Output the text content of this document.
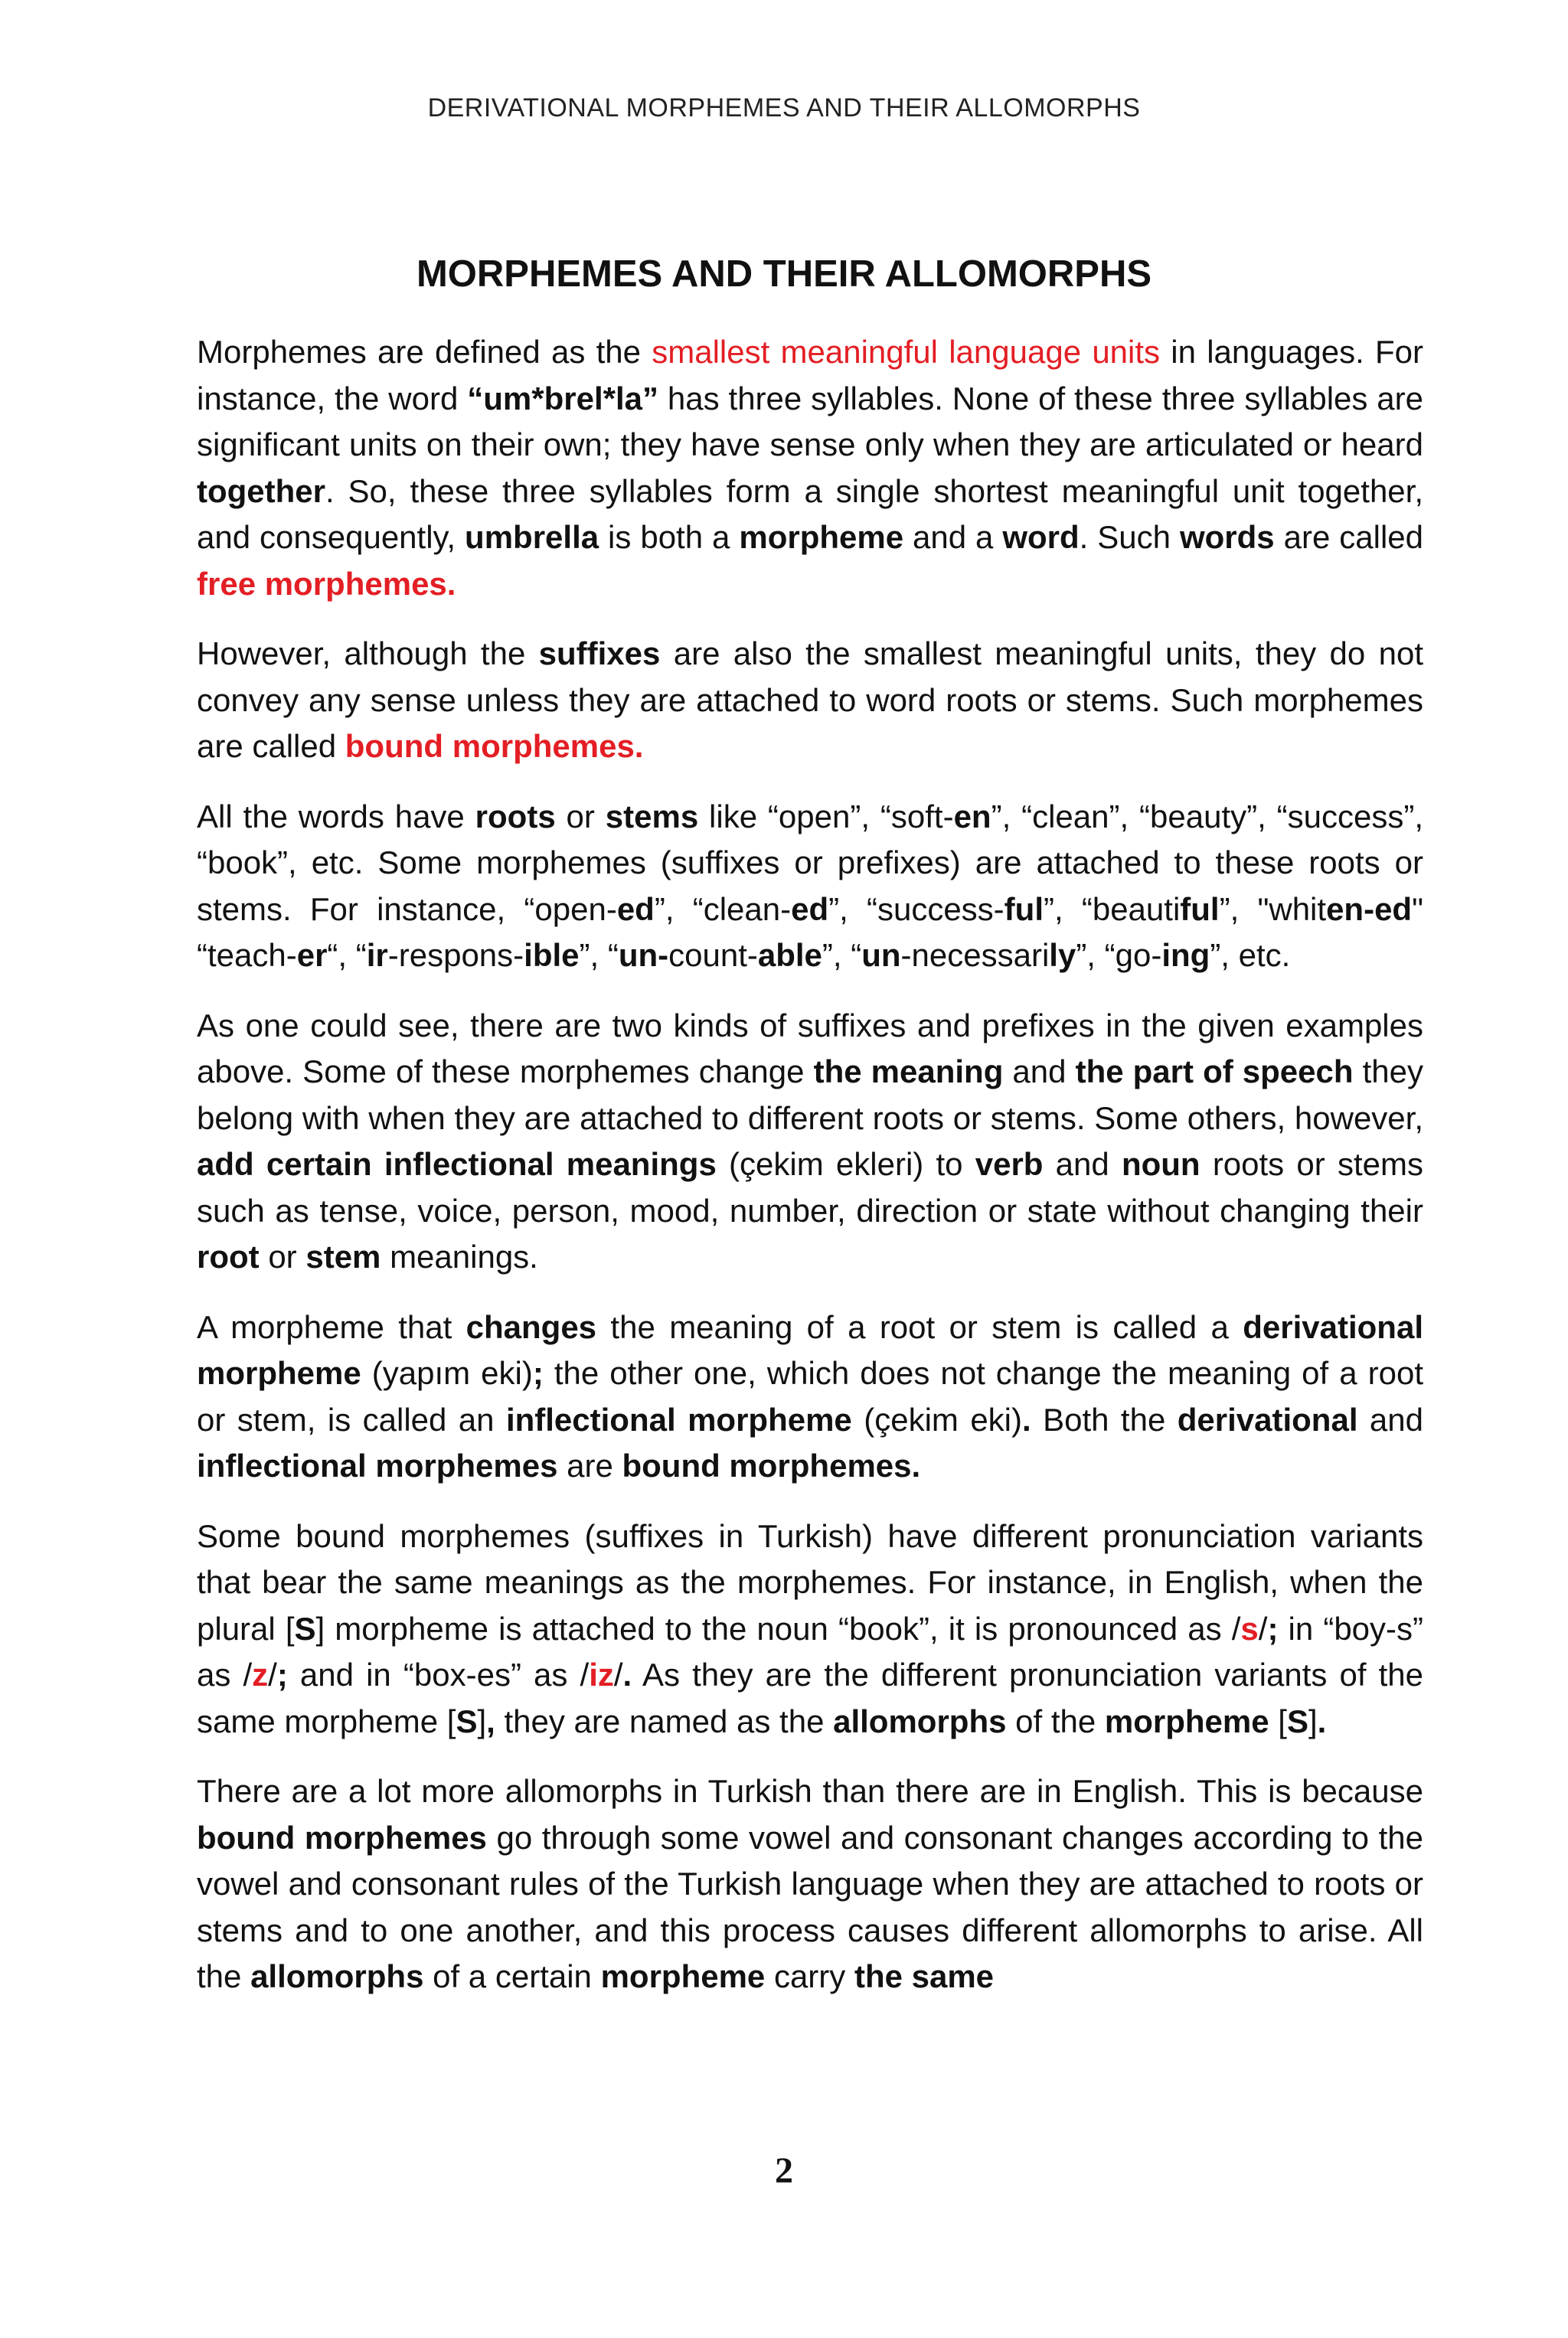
DERIVATIONAL MORPHEMES AND THEIR ALLOMORPHS
MORPHEMES AND THEIR ALLOMORPHS

Morphemes are defined as the smallest meaningful language units in languages. For instance, the word “um*brel*la” has three syllables. None of these three syllables are significant units on their own; they have sense only when they are articulated or heard together. So, these three syllables form a single shortest meaningful unit together, and consequently, umbrella is both a morpheme and a word. Such words are called free morphemes.

However, although the suffixes are also the smallest meaningful units, they do not convey any sense unless they are attached to word roots or stems. Such morphemes are called bound morphemes.

All the words have roots or stems like “open”, “soft-en”, “clean”, “beauty”, “success”, “book”, etc. Some morphemes (suffixes or prefixes) are attached to these roots or stems. For instance, “open-ed”, “clean-ed”, “success-ful”, “beautiful”, "whiten-ed" “teach-er“, “ir-respons-ible”, “un-count-able”, “un-necessarily”, “go-ing”, etc.

As one could see, there are two kinds of suffixes and prefixes in the given examples above. Some of these morphemes change the meaning and the part of speech they belong with when they are attached to different roots or stems. Some others, however, add certain inflectional meanings (çekim ekleri) to verb and noun roots or stems such as tense, voice, person, mood, number, direction or state without changing their root or stem meanings.

A morpheme that changes the meaning of a root or stem is called a derivational morpheme (yapım eki); the other one, which does not change the meaning of a root or stem, is called an inflectional morpheme (çekim eki). Both the derivational and inflectional morphemes are bound morphemes.

Some bound morphemes (suffixes in Turkish) have different pronunciation variants that bear the same meanings as the morphemes. For instance, in English, when the plural [S] morpheme is attached to the noun “book”, it is pronounced as /s/; in “boy-s” as /z/; and in “box-es” as /iz/. As they are the different pronunciation variants of the same morpheme [S], they are named as the allomorphs of the morpheme [S].

There are a lot more allomorphs in Turkish than there are in English. This is because bound morphemes go through some vowel and consonant changes according to the vowel and consonant rules of the Turkish language when they are attached to roots or stems and to one another, and this process causes different allomorphs to arise. All the allomorphs of a certain morpheme carry the same

2
